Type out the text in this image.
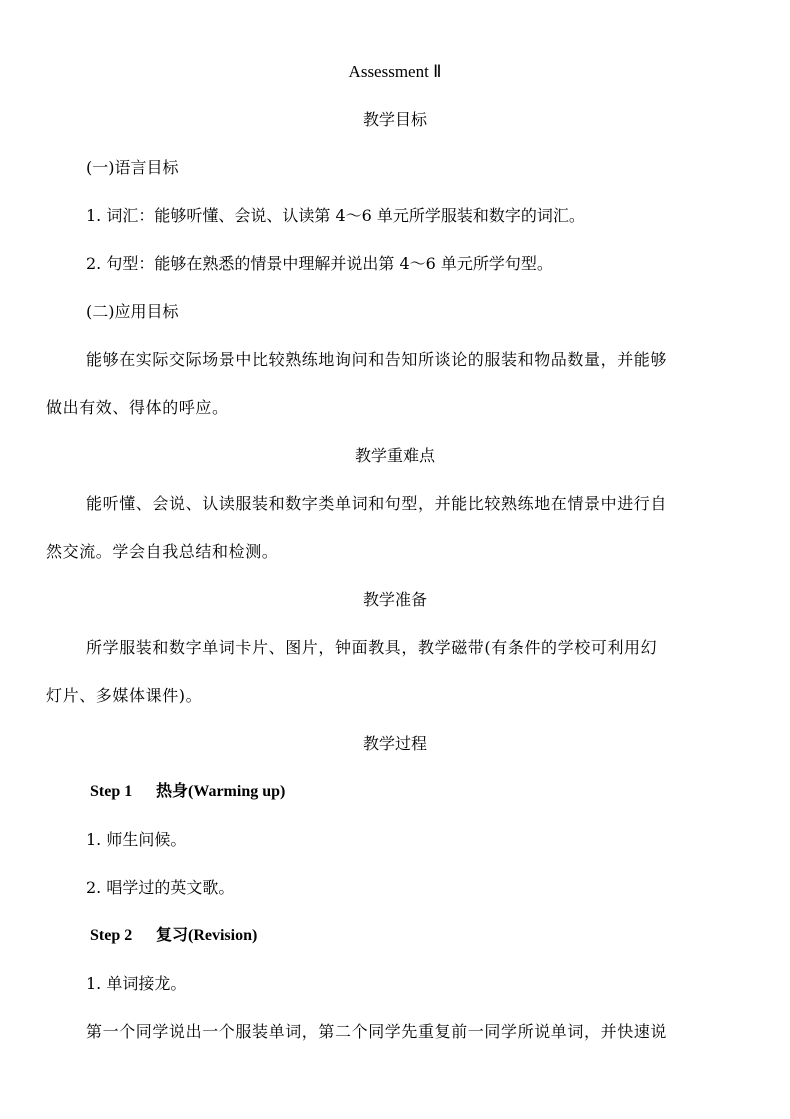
Assessment Ⅱ
教学目标
(一)语言目标
1. 词汇：能够听懂、会说、认读第 4～6 单元所学服装和数字的词汇。
2. 句型：能够在熟悉的情景中理解并说出第 4～6 单元所学句型。
(二)应用目标
能够在实际交际场景中比较熟练地询问和告知所谈论的服装和物品数量，并能够
做出有效、得体的呼应。
教学重难点
能听懂、会说、认读服装和数字类单词和句型，并能比较熟练地在情景中进行自
然交流。学会自我总结和检测。
教学准备
所学服装和数字单词卡片、图片，钟面教具，教学磁带(有条件的学校可利用幻
灯片、多媒体课件)。
教学过程
Step 1 热身(Warming up)
1. 师生问候。
2. 唱学过的英文歌。
Step 2 复习(Revision)
1. 单词接龙。
第一个同学说出一个服装单词，第二个同学先重复前一同学所说单词，并快速说
